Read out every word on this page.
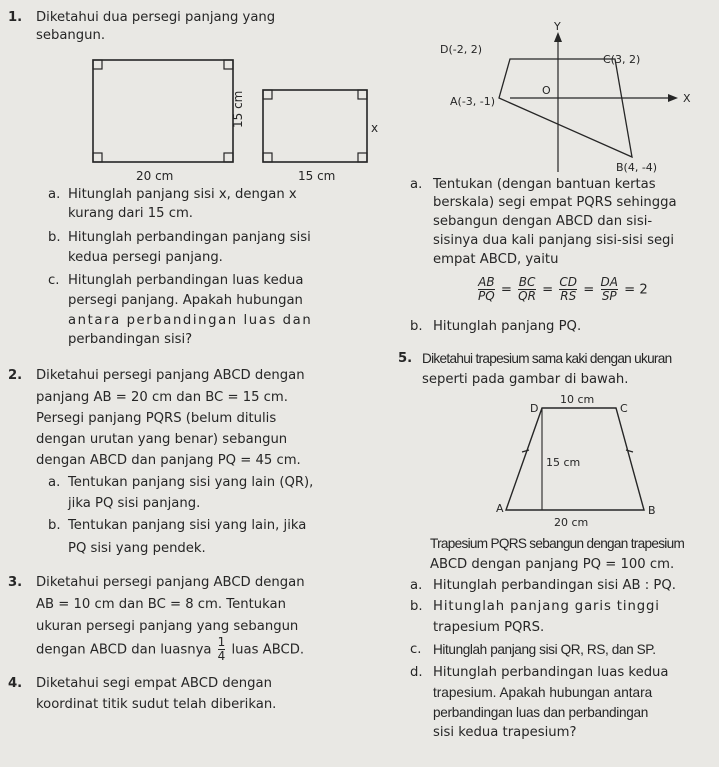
1. Diketahui dua persegi panjang yang
sebangun.
20 cm
15 cm
15 cm
x
a. Hitunglah panjang sisi x, dengan x
kurang dari 15 cm.
b. Hitunglah perbandingan panjang sisi
kedua persegi panjang.
c. Hitunglah perbandingan luas kedua
persegi panjang. Apakah hubungan
antara perbandingan luas dan
perbandingan sisi?
2. Diketahui persegi panjang ABCD dengan
panjang AB = 20 cm dan BC = 15 cm.
Persegi panjang PQRS (belum ditulis
dengan urutan yang benar) sebangun
dengan ABCD dan panjang PQ = 45 cm.
a. Tentukan panjang sisi yang lain (QR),
jika PQ sisi panjang.
b. Tentukan panjang sisi yang lain, jika
PQ sisi yang pendek.
3. Diketahui persegi panjang ABCD dengan
AB = 10 cm dan BC = 8 cm. Tentukan
ukuran persegi panjang yang sebangun
dengan ABCD dan luasnya $\frac{1}{4}$ luas ABCD.
4. Diketahui segi empat ABCD dengan
koordinat titik sudut telah diberikan.
Y
X
O
D(-2, 2)
C(3, 2)
A(-3, -1)
B(4, -4)
a. Tentukan (dengan bantuan kertas
berskala) segi empat PQRS sehingga
sebangun dengan ABCD dan sisi-
sisinya dua kali panjang sisi-sisi segi
empat ABCD, yaitu
$\frac{AB}{PQ} = \frac{BC}{QR} = \frac{CD}{RS} = \frac{DA}{SP} = 2$
b. Hitunglah panjang PQ.
5. Diketahui trapesium sama kaki dengan ukuran
seperti pada gambar di bawah.
10 cm
15 cm
20 cm
D	C
A	B
Trapesium PQRS sebangun dengan trapesium
ABCD dengan panjang PQ = 100 cm.
a. Hitunglah perbandingan sisi AB : PQ.
b. Hitunglah panjang garis tinggi
trapesium PQRS.
c. Hitunglah panjang sisi QR, RS, dan SP.
d. Hitunglah perbandingan luas kedua
trapesium. Apakah hubungan antara
perbandingan luas dan perbandingan
sisi kedua trapesium?
